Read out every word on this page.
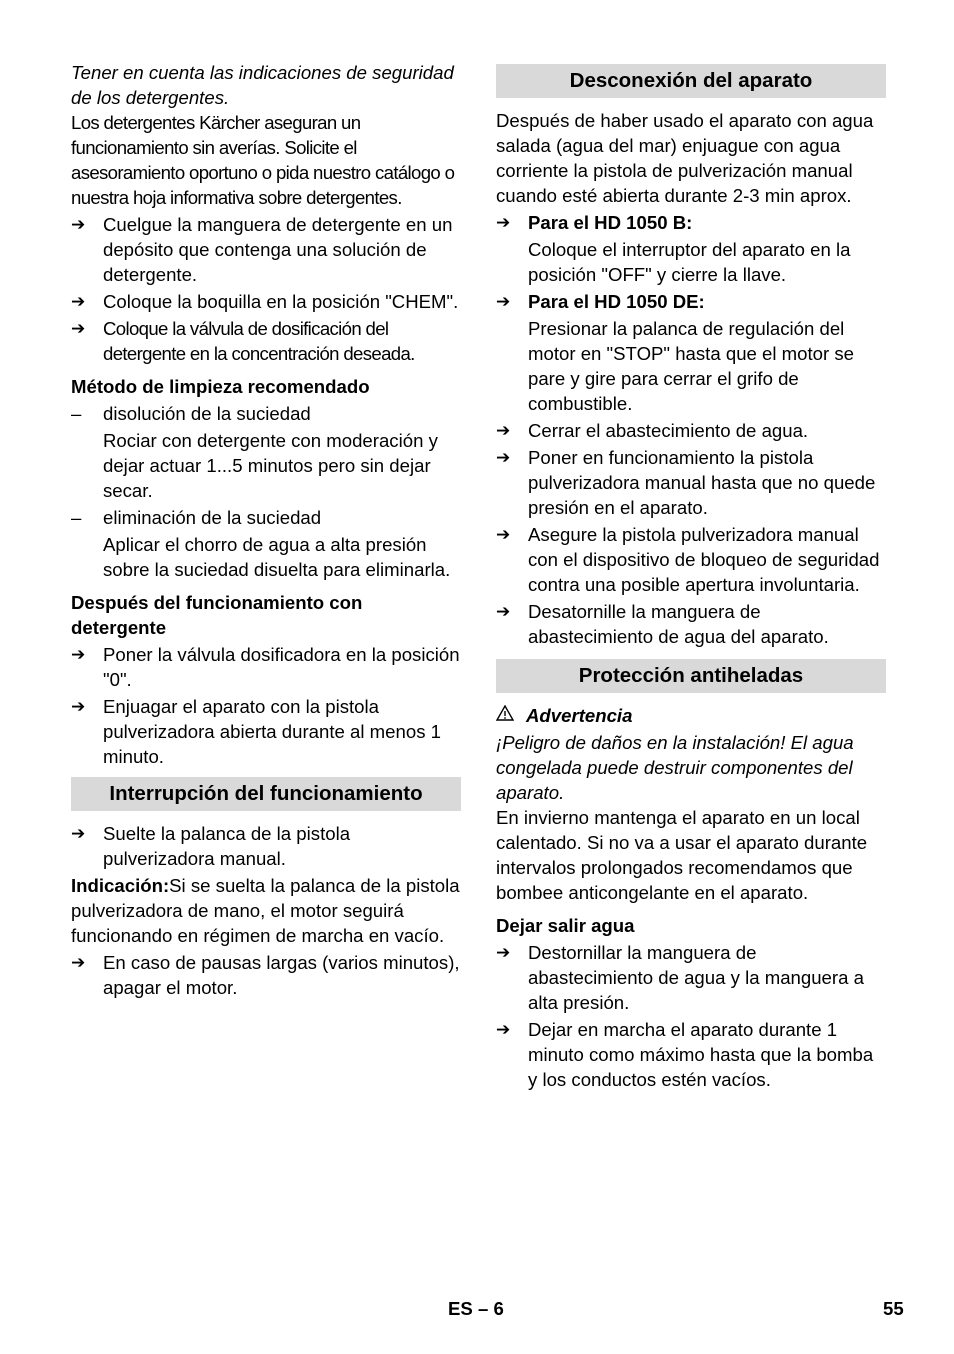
Tener en cuenta las indicaciones de seguridad de los detergentes.

Los detergentes Kärcher aseguran un funcionamiento sin averías. Solicite el asesoramiento oportuno o pida nuestro catálogo o nuestra hoja informativa sobre detergentes.

➔ Cuelgue la manguera de detergente en un depósito que contenga una solución de detergente.
➔ Coloque la boquilla en la posición "CHEM".
➔ Coloque la válvula de dosificación del detergente en la concentración deseada.

Método de limpieza recomendado

–	disolución de la suciedad

Rociar con detergente con moderación y dejar actuar 1...5 minutos pero sin dejar secar.

–	eliminación de la suciedad

Aplicar el chorro de agua a alta presión sobre la suciedad disuelta para eliminarla.

Después del funcionamiento con detergente

➔ Poner la válvula dosificadora en la posición "0".
➔ Enjuagar el aparato con la pistola pulverizadora abierta durante al menos 1 minuto.
Interrupción del funcionamiento
➔ Suelte la palanca de la pistola pulverizadora manual.

Indicación:Si se suelta la palanca de la pistola pulverizadora de mano, el motor seguirá funcionando en régimen de marcha en vacío.

➔ En caso de pausas largas (varios minutos), apagar el motor.
Desconexión del aparato

Después de haber usado el aparato con agua salada (agua del mar) enjuague con agua corriente la pistola de pulverización manual cuando esté abierta durante 2-3 min aprox.

➔ Para el HD 1050 B:

Coloque el interruptor del aparato en la posición "OFF" y cierre la llave.

➔ Para el HD 1050 DE:

Presionar la palanca de regulación del motor en "STOP" hasta que el motor se pare y gire para cerrar el grifo de combustible.

➔ Cerrar el abastecimiento de agua.
➔ Poner en funcionamiento la pistola pulverizadora manual hasta que no quede presión en el aparato.
➔ Asegure la pistola pulverizadora manual con el dispositivo de bloqueo de seguridad contra una posible apertura involuntaria.
➔ Desatornille la manguera de abastecimiento de agua del aparato.
Protección antiheladas
Advertencia

¡Peligro de daños en la instalación! El agua congelada puede destruir componentes del aparato.

En invierno mantenga el aparato en un local calentado. Si no va a usar el aparato durante intervalos prolongados recomendamos que bombee anticongelante en el aparato.

Dejar salir agua

➔ Destornillar la manguera de abastecimiento de agua y la manguera a alta presión.
➔ Dejar en marcha el aparato durante 1 minuto como máximo hasta que la bomba y los conductos estén vacíos.
ES – 6	55
